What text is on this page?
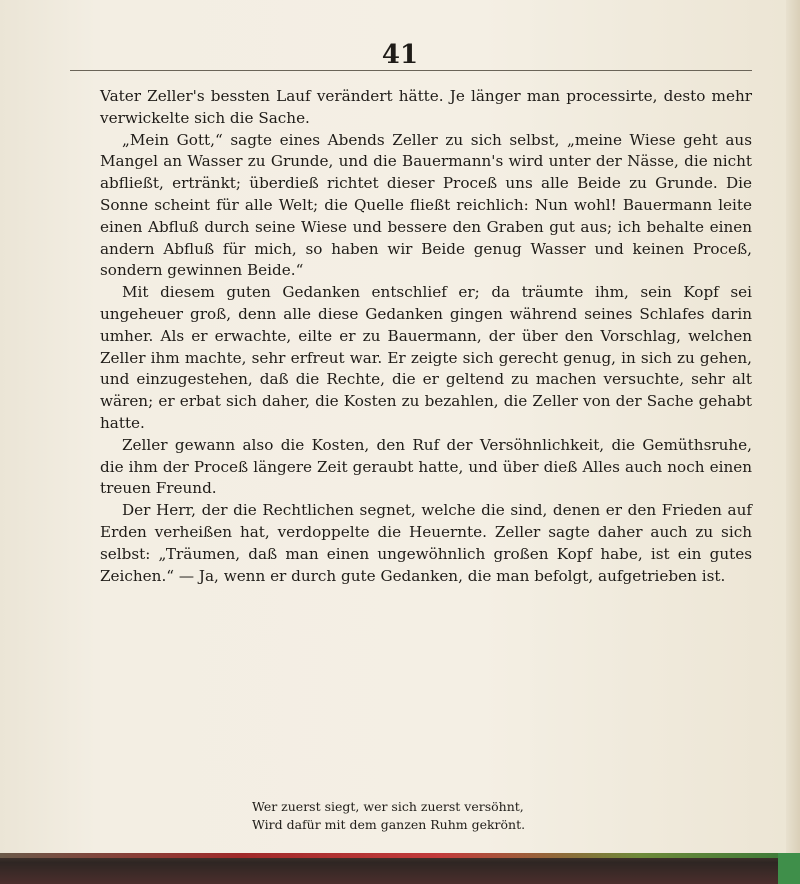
41

Vater Zeller's bessten Lauf verändert hätte. Je länger man processirte, desto mehr verwickelte sich die Sache.

„Mein Gott,“ sagte eines Abends Zeller zu sich selbst, „meine Wiese geht aus Mangel an Wasser zu Grunde, und die Bauermann's wird unter der Nässe, die nicht abfließt, ertränkt; überdieß richtet dieser Proceß uns alle Beide zu Grunde. Die Sonne scheint für alle Welt; die Quelle fließt reichlich: Nun wohl! Bauermann leite einen Abfluß durch seine Wiese und bessere den Graben gut aus; ich behalte einen andern Abfluß für mich, so haben wir Beide genug Wasser und keinen Proceß, sondern gewinnen Beide.“

Mit diesem guten Gedanken entschlief er; da träumte ihm, sein Kopf sei ungeheuer groß, denn alle diese Gedanken gingen während seines Schlafes darin umher. Als er erwachte, eilte er zu Bauermann, der über den Vorschlag, welchen Zeller ihm machte, sehr erfreut war. Er zeigte sich gerecht genug, in sich zu gehen, und einzugestehen, daß die Rechte, die er geltend zu machen versuchte, sehr alt wären; er erbat sich daher, die Kosten zu bezahlen, die Zeller von der Sache gehabt hatte.

Zeller gewann also die Kosten, den Ruf der Versöhnlichkeit, die Gemüthsruhe, die ihm der Proceß längere Zeit geraubt hatte, und über dieß Alles auch noch einen treuen Freund.

Der Herr, der die Rechtlichen segnet, welche die sind, denen er den Frieden auf Erden verheißen hat, verdoppelte die Heuernte. Zeller sagte daher auch zu sich selbst: „Träumen, daß man einen ungewöhnlich großen Kopf habe, ist ein gutes Zeichen.“ — Ja, wenn er durch gute Gedanken, die man befolgt, aufgetrieben ist.

Wer zuerst siegt, wer sich zuerst versöhnt,
Wird dafür mit dem ganzen Ruhm gekrönt.
